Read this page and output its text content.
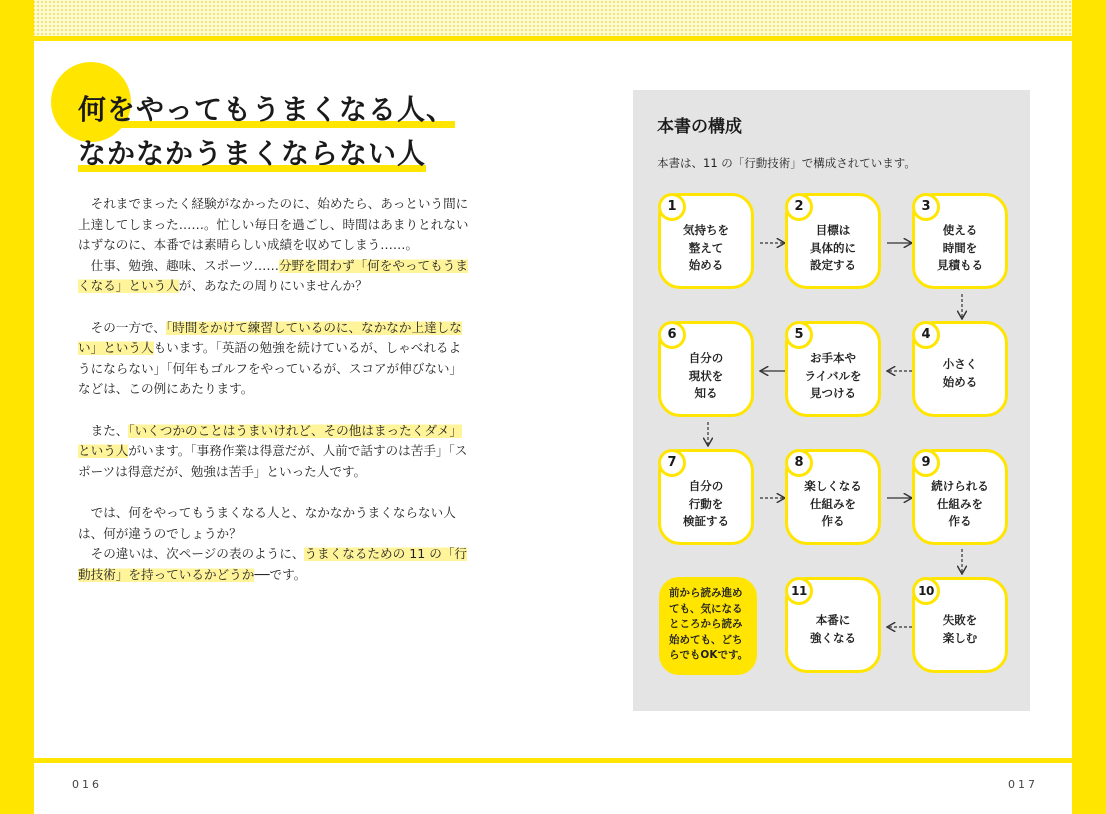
何をやってもうまくなる人、
なかなかうまくならない人

それまでまったく経験がなかったのに、始めたら、あっという間に上達してしまった……。忙しい毎日を過ごし、時間はあまりとれないはずなのに、本番では素晴らしい成績を収めてしまう……。

仕事、勉強、趣味、スポーツ……分野を問わず「何をやってもうまくなる」という人が、あなたの周りにいませんか？

その一方で、「時間をかけて練習しているのに、なかなか上達しない」という人もいます。「英語の勉強を続けているが、しゃべれるようにならない」「何年もゴルフをやっているが、スコアが伸びない」などは、この例にあたります。

また、「いくつかのことはうまいけれど、その他はまったくダメ」という人がいます。「事務作業は得意だが、人前で話すのは苦手」「スポーツは得意だが、勉強は苦手」といった人です。

では、何をやってもうまくなる人と、なかなかうまくならない人は、何が違うのでしょうか？

その違いは、次ページの表のように、うまくなるための 11 の「行動技術」を持っているかどうか──です。

本書の構成
本書は、11 の「行動技術」で構成されています。
1
気持ちを
整えて
始める
2
目標は
具体的に
設定する
3
使える
時間を
見積もる
4
小さく
始める
5
お手本や
ライバルを
見つける
6
自分の
現状を
知る
7
自分の
行動を
検証する
8
楽しくなる
仕組みを
作る
9
続けられる
仕組みを
作る
10
失敗を
楽しむ
11
本番に
強くなる
前から読み進めても、気になるところから読み始めても、どちらでもOKです。
016	017
